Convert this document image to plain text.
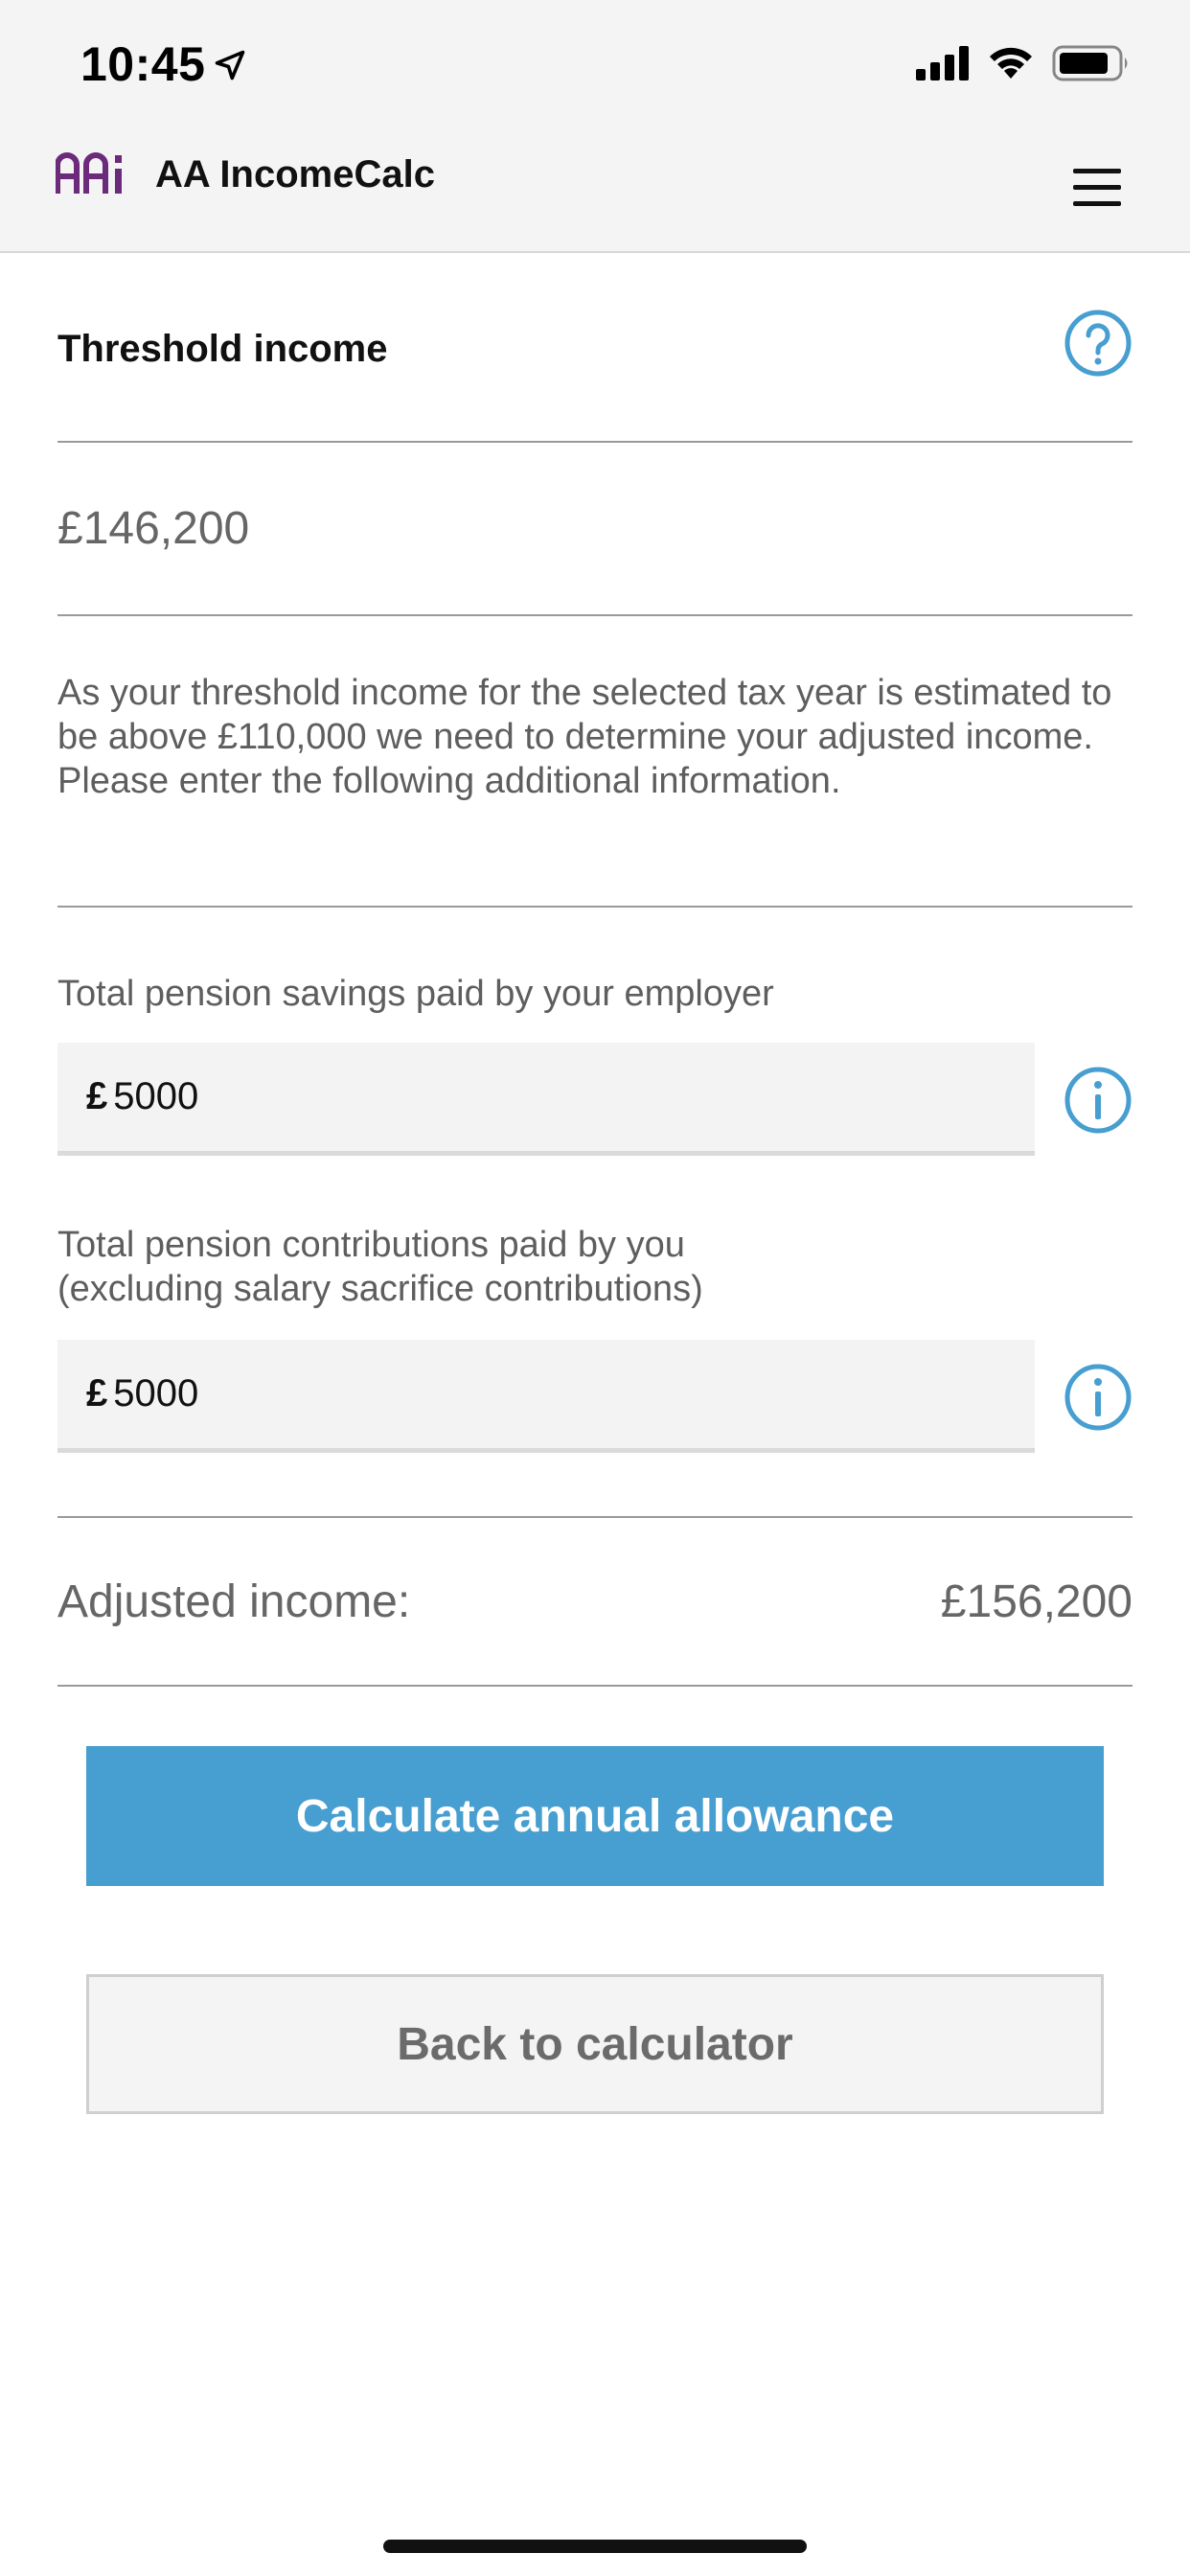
10:45
AA IncomeCalc
Threshold income
£146,200
As your threshold income for the selected tax year is estimated to be above £110,000 we need to determine your adjusted income. Please enter the following additional information.
Total pension savings paid by your employer
£
5000
Total pension contributions paid by you
(excluding salary sacrifice contributions)
£
5000
Adjusted income:	£156,200
Calculate annual allowance
Back to calculator
